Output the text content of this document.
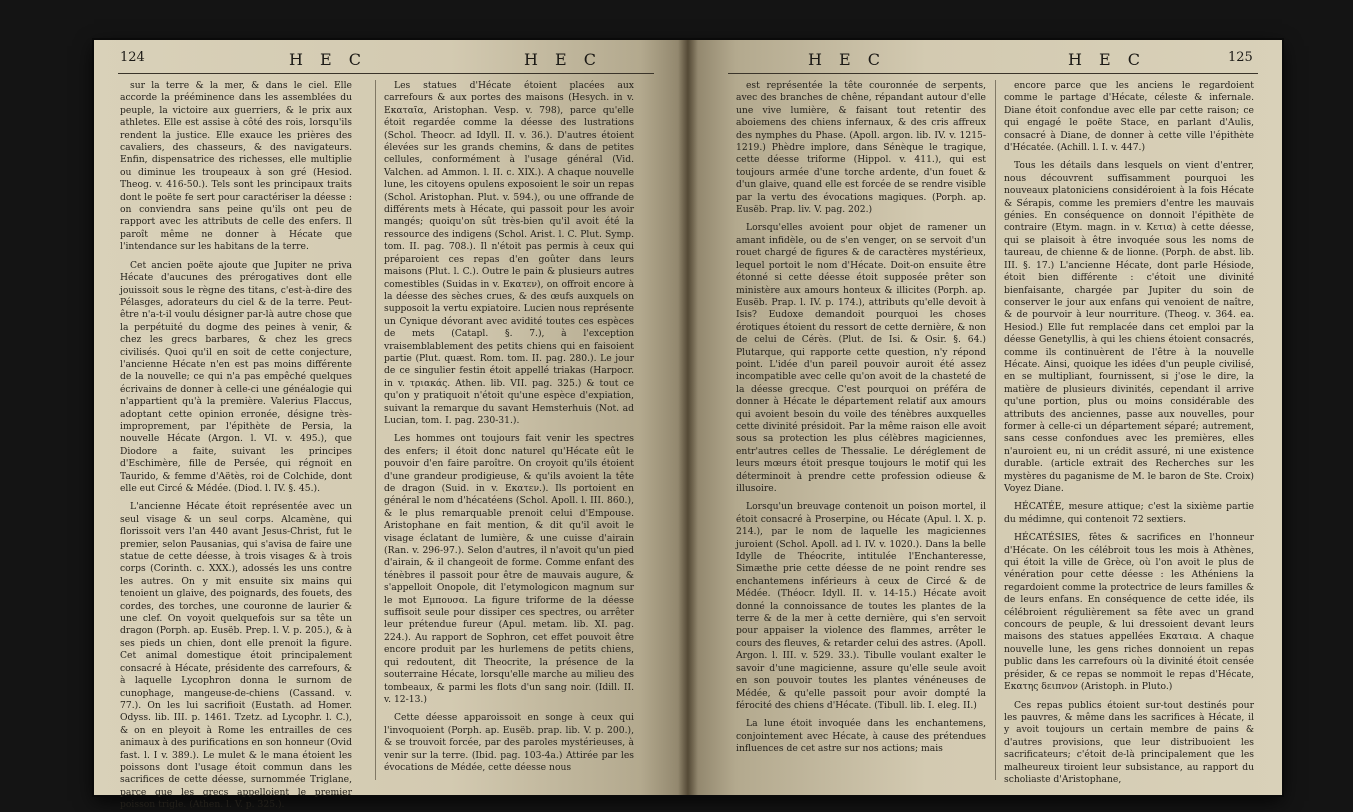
124	H E C	H E C

sur la terre & la mer, & dans le ciel. Elle accorde la prééminence dans les assemblées du peuple, la victoire aux guerriers, & le prix aux athletes. Elle est assise à côté des rois, lorsqu'ils rendent la justice. Elle exauce les prières des cavaliers, des chasseurs, & des navigateurs. Enfin, dispensatrice des richesses, elle multiplie ou diminue les troupeaux à son gré (Hesiod. Theog. v. 416-50.). Tels sont les principaux traits dont le poëte fe sert pour caractériser la déesse : on conviendra sans peine qu'ils ont peu de rapport avec les attributs de celle des enfers. Il paroît même ne donner à Hécate que l'intendance sur les habitans de la terre.

Cet ancien poëte ajoute que Jupiter ne priva Hécate d'aucunes des prérogatives dont elle jouissoit sous le règne des titans, c'est-à-dire des Pélasges, adorateurs du ciel & de la terre. Peut-être n'a-t-il voulu désigner par-là autre chose que la perpétuité du dogme des peines à venir, & chez les grecs barbares, & chez les grecs civilisés. Quoi qu'il en soit de cette conjecture, l'ancienne Hécate n'en est pas moins différente de la nouvelle; ce qui n'a pas empêché quelques écrivains de donner à celle-ci une généalogie qui n'appartient qu'à la première. Valerius Flaccus, adoptant cette opinion erronée, désigne très-improprement, par l'épithète de Persia, la nouvelle Hécate (Argon. l. VI. v. 495.), que Diodore a faite, suivant les principes d'Eschimère, fille de Persée, qui régnoit en Taurido, & femme d'Aëtès, roi de Colchide, dont elle eut Circé & Médée. (Diod. l. IV. §. 45.).

L'ancienne Hécate étoit représentée avec un seul visage & un seul corps. Alcamène, qui florissoit vers l'an 440 avant Jesus-Christ, fut le premier, selon Pausanias, qui s'avisa de faire une statue de cette déesse, à trois visages & à trois corps (Corinth. c. XXX.), adossés les uns contre les autres. On y mit ensuite six mains qui tenoient un glaive, des poignards, des fouets, des cordes, des torches, une couronne de laurier & une clef. On voyoit quelquefois sur sa tête un dragon (Porph. ap. Eusëb. Prep. l. V. p. 205.), & à ses pieds un chien, dont elle prenoit la figure. Cet animal domestique étoit principalement consacré à Hécate, présidente des carrefours, & à laquelle Lycophron donna le surnom de cunophage, mangeuse-de-chiens (Cassand. v. 77.). On les lui sacrifioit (Eustath. ad Homer. Odyss. lib. III. p. 1461. Tzetz. ad Lycophr. l. C.), & on en pleyoit à Rome les entrailles de ces animaux à des purifications en son honneur (Ovid fast. l. I v. 389.). Le mulet & le mana étoient les poissons dont l'usage étoit commun dans les sacrifices de cette déesse, surnommée Triglane, parce que les grecs appelloient le premier poisson trigle. (Athen. l. V. p. 325.).

Les statues d'Hécate étoient placées aux carrefours & aux portes des maisons (Hesych. in v. Εκαταῖα, Aristophan. Vesp. v. 798), parce qu'elle étoit regardée comme la déesse des lustrations (Schol. Theocr. ad Idyll. II. v. 36.). D'autres étoient élevées sur les grands chemins, & dans de petites cellules, conformément à l'usage général (Vid. Valchen. ad Ammon. l. II. c. XIX.). A chaque nouvelle lune, les citoyens opulens exposoient le soir un repas (Schol. Aristophan. Plut. v. 594.), ou une offrande de différents mets à Hécate, qui passoit pour les avoir mangés; quoiqu'on sût très-bien qu'il avoit été la ressource des indigens (Schol. Arist. l. C. Plut. Symp. tom. II. pag. 708.). Il n'étoit pas permis à ceux qui préparoient ces repas d'en goûter dans leurs maisons (Plut. l. C.). Outre le pain & plusieurs autres comestibles (Suidas in v. Εκατεν), on offroit encore à la déesse des sèches crues, & des œufs auxquels on supposoit la vertu expiatoire. Lucien nous représente un Cynique dévorant avec avidité toutes ces espèces de mets (Catapl. §. 7.), à l'exception vraisemblablement des petits chiens qui en faisoient partie (Plut. quæst. Rom. tom. II. pag. 280.). Le jour de ce singulier festin étoit appellé triakas (Harpocr. in v. τριακάς. Athen. lib. VII. pag. 325.) & tout ce qu'on y pratiquoit n'étoit qu'une espèce d'expiation, suivant la remarque du savant Hemsterhuis (Not. ad Lucian, tom. I. pag. 230-31.).

Les hommes ont toujours fait venir les spectres des enfers; il étoit donc naturel qu'Hécate eût le pouvoir d'en faire paroître. On croyoit qu'ils étoient d'une grandeur prodigieuse, & qu'ils avoient la tête de dragon (Suid. in v. Εκατεν.). Ils portoient en général le nom d'hécatéens (Schol. Apoll. l. III. 860.), & le plus remarquable prenoit celui d'Empouse. Aristophane en fait mention, & dit qu'il avoit le visage éclatant de lumière, & une cuisse d'airain (Ran. v. 296-97.). Selon d'autres, il n'avoit qu'un pied d'airain, & il changeoit de forme. Comme enfant des ténèbres il passoit pour être de mauvais augure, & s'appelloit Onopole, dit l'etymologicon magnum sur le mot Εμπουσα. La figure triforme de la déesse suffisoit seule pour dissiper ces spectres, ou arrêter leur prétendue fureur (Apul. metam. lib. XI. pag. 224.). Au rapport de Sophron, cet effet pouvoit être encore produit par les hurlemens de petits chiens, qui redoutent, dit Theocrite, la présence de la souterraine Hécate, lorsqu'elle marche au milieu des tombeaux, & parmi les flots d'un sang noir. (Idill. II. v. 12-13.)

Cette déesse apparoissoit en songe à ceux qui l'invoquoient (Porph. ap. Eusëb. prap. lib. V. p. 200.), & se trouvoit forcée, par des paroles mystérieuses, à venir sur la terre. (Ibid. pag. 103-4a.) Attirée par les évocations de Médée, cette déesse nous

H E C	H E C	125

est représentée la tête couronnée de serpents, avec des branches de chêne, répandant autour d'elle une vive lumière, & faisant tout retentir des aboiemens des chiens infernaux, & des cris affreux des nymphes du Phase. (Apoll. argon. lib. IV. v. 1215-1219.) Phèdre implore, dans Sénèque le tragique, cette déesse triforme (Hippol. v. 411.), qui est toujours armée d'une torche ardente, d'un fouet & d'un glaive, quand elle est forcée de se rendre visible par la vertu des évocations magiques. (Porph. ap. Eusëb. Prap. liv. V. pag. 202.)

Lorsqu'elles avoient pour objet de ramener un amant infidèle, ou de s'en venger, on se servoit d'un rouet chargé de figures & de caractères mystérieux, lequel portoit le nom d'Hécate. Doit-on ensuite être étonné si cette déesse étoit supposée prêter son ministère aux amours honteux & illicites (Porph. ap. Eusëb. Prap. l. IV. p. 174.), attributs qu'elle devoit à Isis? Eudoxe demandoit pourquoi les choses érotiques étoient du ressort de cette dernière, & non de celui de Cérès. (Plut. de Isi. & Osir. §. 64.) Plutarque, qui rapporte cette question, n'y répond point. L'idée d'un pareil pouvoir auroit été assez incompatible avec celle qu'on avoit de la chasteté de la déesse grecque. C'est pourquoi on préféra de donner à Hécate le département relatif aux amours qui avoient besoin du voile des ténèbres auxquelles cette divinité présidoit. Par la même raison elle avoit sous sa protection les plus célèbres magiciennes, entr'autres celles de Thessalie. Le déréglement de leurs mœurs étoit presque toujours le motif qui les déterminoit à prendre cette profession odieuse & illusoire.

Lorsqu'un breuvage contenoit un poison mortel, il étoit consacré à Proserpine, ou Hécate (Apul. l. X. p. 214.), par le nom de laquelle les magiciennes juroient (Schol. Apoll. ad l. IV. v. 1020.). Dans la belle Idylle de Théocrite, intitulée l'Enchanteresse, Simæthe prie cette déesse de ne point rendre ses enchantemens inférieurs à ceux de Circé & de Médée. (Théocr. Idyll. II. v. 14-15.) Hécate avoit donné la connoissance de toutes les plantes de la terre & de la mer à cette dernière, qui s'en servoit pour appaiser la violence des flammes, arrêter le cours des fleuves, & retarder celui des astres. (Apoll. Argon. l. III. v. 529. 33.). Tibulle voulant exalter le savoir d'une magicienne, assure qu'elle seule avoit en son pouvoir toutes les plantes vénéneuses de Médée, & qu'elle passoit pour avoir dompté la férocité des chiens d'Hécate. (Tibull. lib. I. eleg. II.)

La lune étoit invoquée dans les enchantemens, conjointement avec Hécate, à cause des prétendues influences de cet astre sur nos actions; mais

encore parce que les anciens le regardoient comme le partage d'Hécate, céleste & infernale. Diane étoit confondue avec elle par cette raison; ce qui engagé le poëte Stace, en parlant d'Aulis, consacré à Diane, de donner à cette ville l'épithète d'Hécatée. (Achill. l. I. v. 447.)

Tous les détails dans lesquels on vient d'entrer, nous découvrent suffisamment pourquoi les nouveaux platoniciens considéroient à la fois Hécate & Sérapis, comme les premiers d'entre les mauvais génies. En conséquence on donnoit l'épithète de contraire (Etym. magn. in v. Κετια) à cette déesse, qui se plaisoit à être invoquée sous les noms de taureau, de chienne & de lionne. (Porph. de abst. lib. III. §. 17.) L'ancienne Hécate, dont parle Hésiode, étoit bien différente : c'étoit une divinité bienfaisante, chargée par Jupiter du soin de conserver le jour aux enfans qui venoient de naître, & de pourvoir à leur nourriture. (Theog. v. 364. ea. Hesiod.) Elle fut remplacée dans cet emploi par la déesse Genetyllis, à qui les chiens étoient consacrés, comme ils continuèrent de l'être à la nouvelle Hécate. Ainsi, quoique les idées d'un peuple civilisé, en se multipliant, fournissent, si j'ose le dire, la matière de plusieurs divinités, cependant il arrive qu'une portion, plus ou moins considérable des attributs des anciennes, passe aux nouvelles, pour former à celle-ci un département séparé; autrement, sans cesse confondues avec les premières, elles n'auroient eu, ni un crédit assuré, ni une existence durable. (article extrait des Recherches sur les mystères du paganisme de M. le baron de Ste. Croix) Voyez Diane.

HÉCATÉE, mesure attique; c'est la sixième partie du médimne, qui contenoit 72 sextiers.

HÉCATÉSIES, fêtes & sacrifices en l'honneur d'Hécate. On les célébroit tous les mois à Athènes, qui étoit la ville de Grèce, où l'on avoit le plus de vénération pour cette déesse : les Athéniens la regardoient comme la protectrice de leurs familles & de leurs enfans. En conséquence de cette idée, ils célébroient régulièrement sa fête avec un grand concours de peuple, & lui dressoient devant leurs maisons des statues appellées Εκαταια. A chaque nouvelle lune, les gens riches donnoient un repas public dans les carrefours où la divinité étoit censée présider, & ce repas se nommoit le repas d'Hécate, Εκατης δειπνον (Aristoph. in Pluto.)

Ces repas publics étoient sur-tout destinés pour les pauvres, & même dans les sacrifices à Hécate, il y avoit toujours un certain membre de pains & d'autres provisions, que leur distribuoient les sacrificateurs; c'étoit de-là principalement que les malheureux tiroient leur subsistance, au rapport du scholiaste d'Aristophane,
